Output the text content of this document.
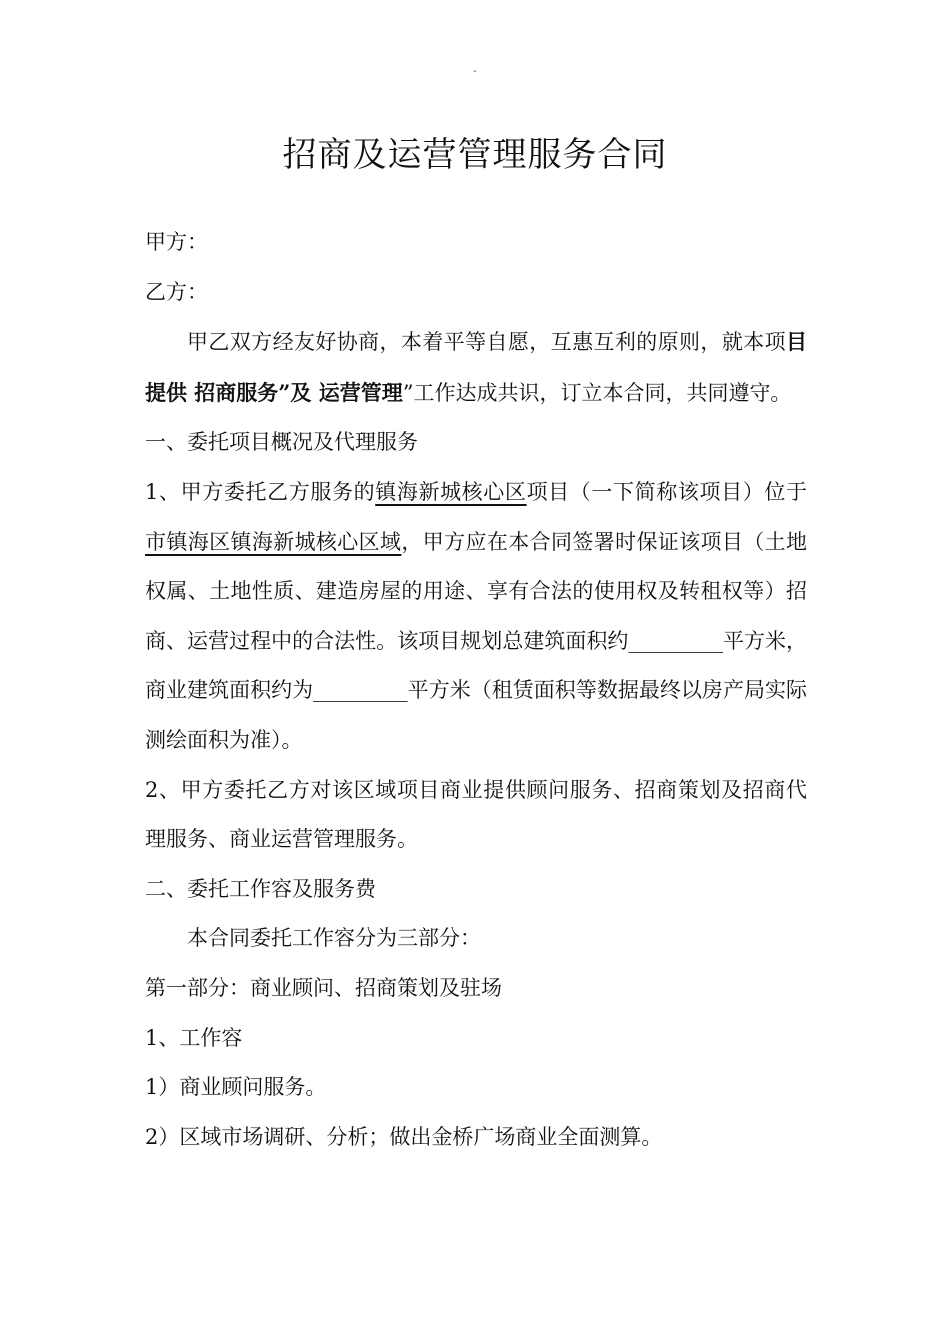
-
招商及运营管理服务合同

甲方：

乙方：

甲乙双方经友好协商，本着平等自愿，互惠互利的原则，就本项目提供 招商服务”及 运营管理”工作达成共识，订立本合同，共同遵守。

一、委托项目概况及代理服务

1、甲方委托乙方服务的镇海新城核心区项目（一下简称该项目）位于市镇海区镇海新城核心区域，甲方应在本合同签署时保证该项目（土地权属、土地性质、建造房屋的用途、享有合法的使用权及转租权等）招商、运营过程中的合法性。该项目规划总建筑面积约_________平方米，商业建筑面积约为_________平方米（租赁面积等数据最终以房产局实际测绘面积为准）。

2、甲方委托乙方对该区域项目商业提供顾问服务、招商策划及招商代理服务、商业运营管理服务。

二、委托工作容及服务费

本合同委托工作容分为三部分：

第一部分：商业顾问、招商策划及驻场

1、工作容

1）商业顾问服务。

2）区域市场调研、分析；做出金桥广场商业全面测算。
